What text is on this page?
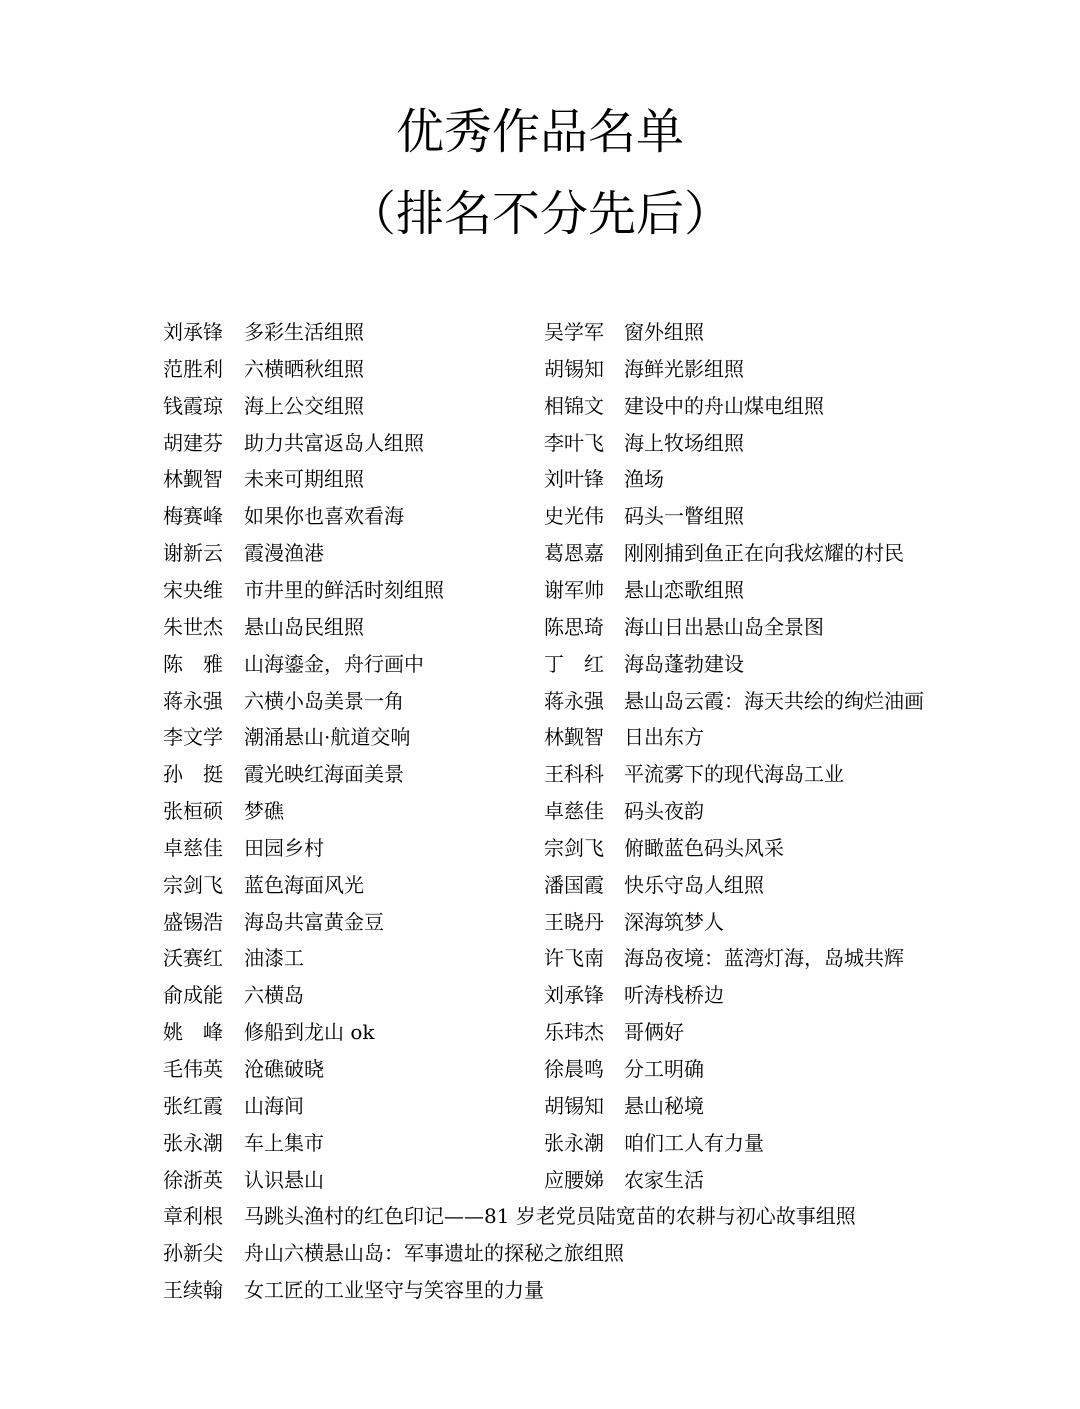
优秀作品名单
（排名不分先后）
刘承锋 多彩生活组照	吴学军 窗外组照
范胜利 六横晒秋组照	胡锡知 海鲜光影组照
钱霞琼 海上公交组照	相锦文 建设中的舟山煤电组照
胡建芬 助力共富返岛人组照	李叶飞 海上牧场组照
林觐智 未来可期组照	刘叶锋 渔场
梅赛峰 如果你也喜欢看海	史光伟 码头一瞥组照
谢新云 霞漫渔港	葛恩嘉 刚刚捕到鱼正在向我炫耀的村民
宋央维 市井里的鲜活时刻组照	谢军帅 悬山恋歌组照
朱世杰 悬山岛民组照	陈思琦 海山日出悬山岛全景图
陈　雅 山海鎏金，舟行画中	丁　红 海岛蓬勃建设
蒋永强 六横小岛美景一角	蒋永强 悬山岛云霞：海天共绘的绚烂油画
李文学 潮涌悬山·航道交响	林觐智 日出东方
孙　挺 霞光映红海面美景	王科科 平流雾下的现代海岛工业
张桓硕 梦礁	卓慈佳 码头夜韵
卓慈佳 田园乡村	宗剑飞 俯瞰蓝色码头风采
宗剑飞 蓝色海面风光	潘国霞 快乐守岛人组照
盛锡浩 海岛共富黄金豆	王晓丹 深海筑梦人
沃赛红 油漆工	许飞南 海岛夜境：蓝湾灯海，岛城共辉
俞成能 六横岛	刘承锋 听涛栈桥边
姚　峰 修船到龙山 ok	乐玮杰 哥俩好
毛伟英 沧礁破晓	徐晨鸣 分工明确
张红霞 山海间	胡锡知 悬山秘境
张永潮 车上集市	张永潮 咱们工人有力量
徐浙英 认识悬山	应腰娣 农家生活
章利根 马跳头渔村的红色印记——81 岁老党员陆宽苗的农耕与初心故事组照
孙新尖 舟山六横悬山岛：军事遗址的探秘之旅组照
王续翰 女工匠的工业坚守与笑容里的力量
